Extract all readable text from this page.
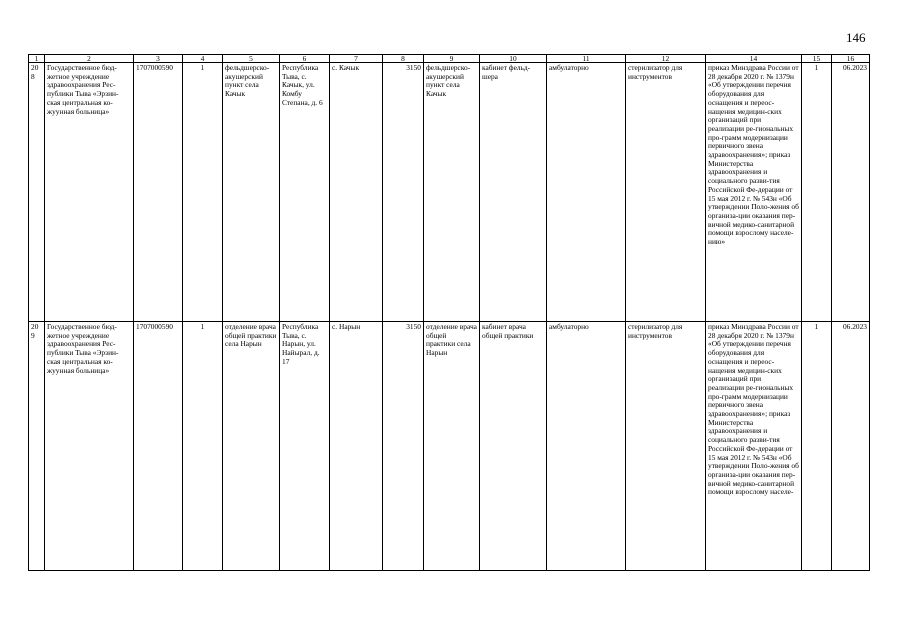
146
1	2	3	4	5	6	7	8	9	10	11	12	14	15	16
208	Государственное бюд-жетное учреждение здравоохранения Рес-публики Тыва «Эрзин-ская центральная ко-жуунная больница»	1707000590	1	фельдшерско-акушерский пункт села Качык	Республика Тыва, с. Качык, ул. Комбу Степана, д. 6	с. Качык	3150	фельдшерско-акушерский пункт села Качык	кабинет фельд-шера	амбулаторно	стерилизатор для инструментов	приказ Минздрава России от 28 декабря 2020 г. № 1379н «Об утверждении перечня оборудования для оснащения и переос-нащения медицин-ских организаций при реализации ре-гиональных про-грамм модернизации первичного звена здравоохранения»; приказ Министерства здравоохранения и социального разви-тия Российской Фе-дерации от 15 мая 2012 г. № 543н «Об утверждении Поло-жения об организа-ции оказания пер-вичной медико-санитарной помощи взрослому населе-нию»	1	06.2023
209	Государственное бюд-жетное учреждение здравоохранения Рес-публики Тыва «Эрзин-ская центральная ко-жуунная больница»	1707000590	1	отделение врача общей практики села Нарын	Республика Тыва, с. Нарын, ул. Найырал, д. 17	с. Нарын	3150	отделение врача общей практики села Нарын	кабинет врача общей практики	амбулаторно	стерилизатор для инструментов	приказ Минздрава России от 28 декабря 2020 г. № 1379н «Об утверждении перечня оборудования для оснащения и переос-нащения медицин-ских организаций при реализации ре-гиональных про-грамм модернизации первичного звена здравоохранения»; приказ Министерства здравоохранения и социального разви-тия Российской Фе-дерации от 15 мая 2012 г. № 543н «Об утверждении Поло-жения об организа-ции оказания пер-вичной медико-санитарной помощи взрослому населе-	1	06.2023
